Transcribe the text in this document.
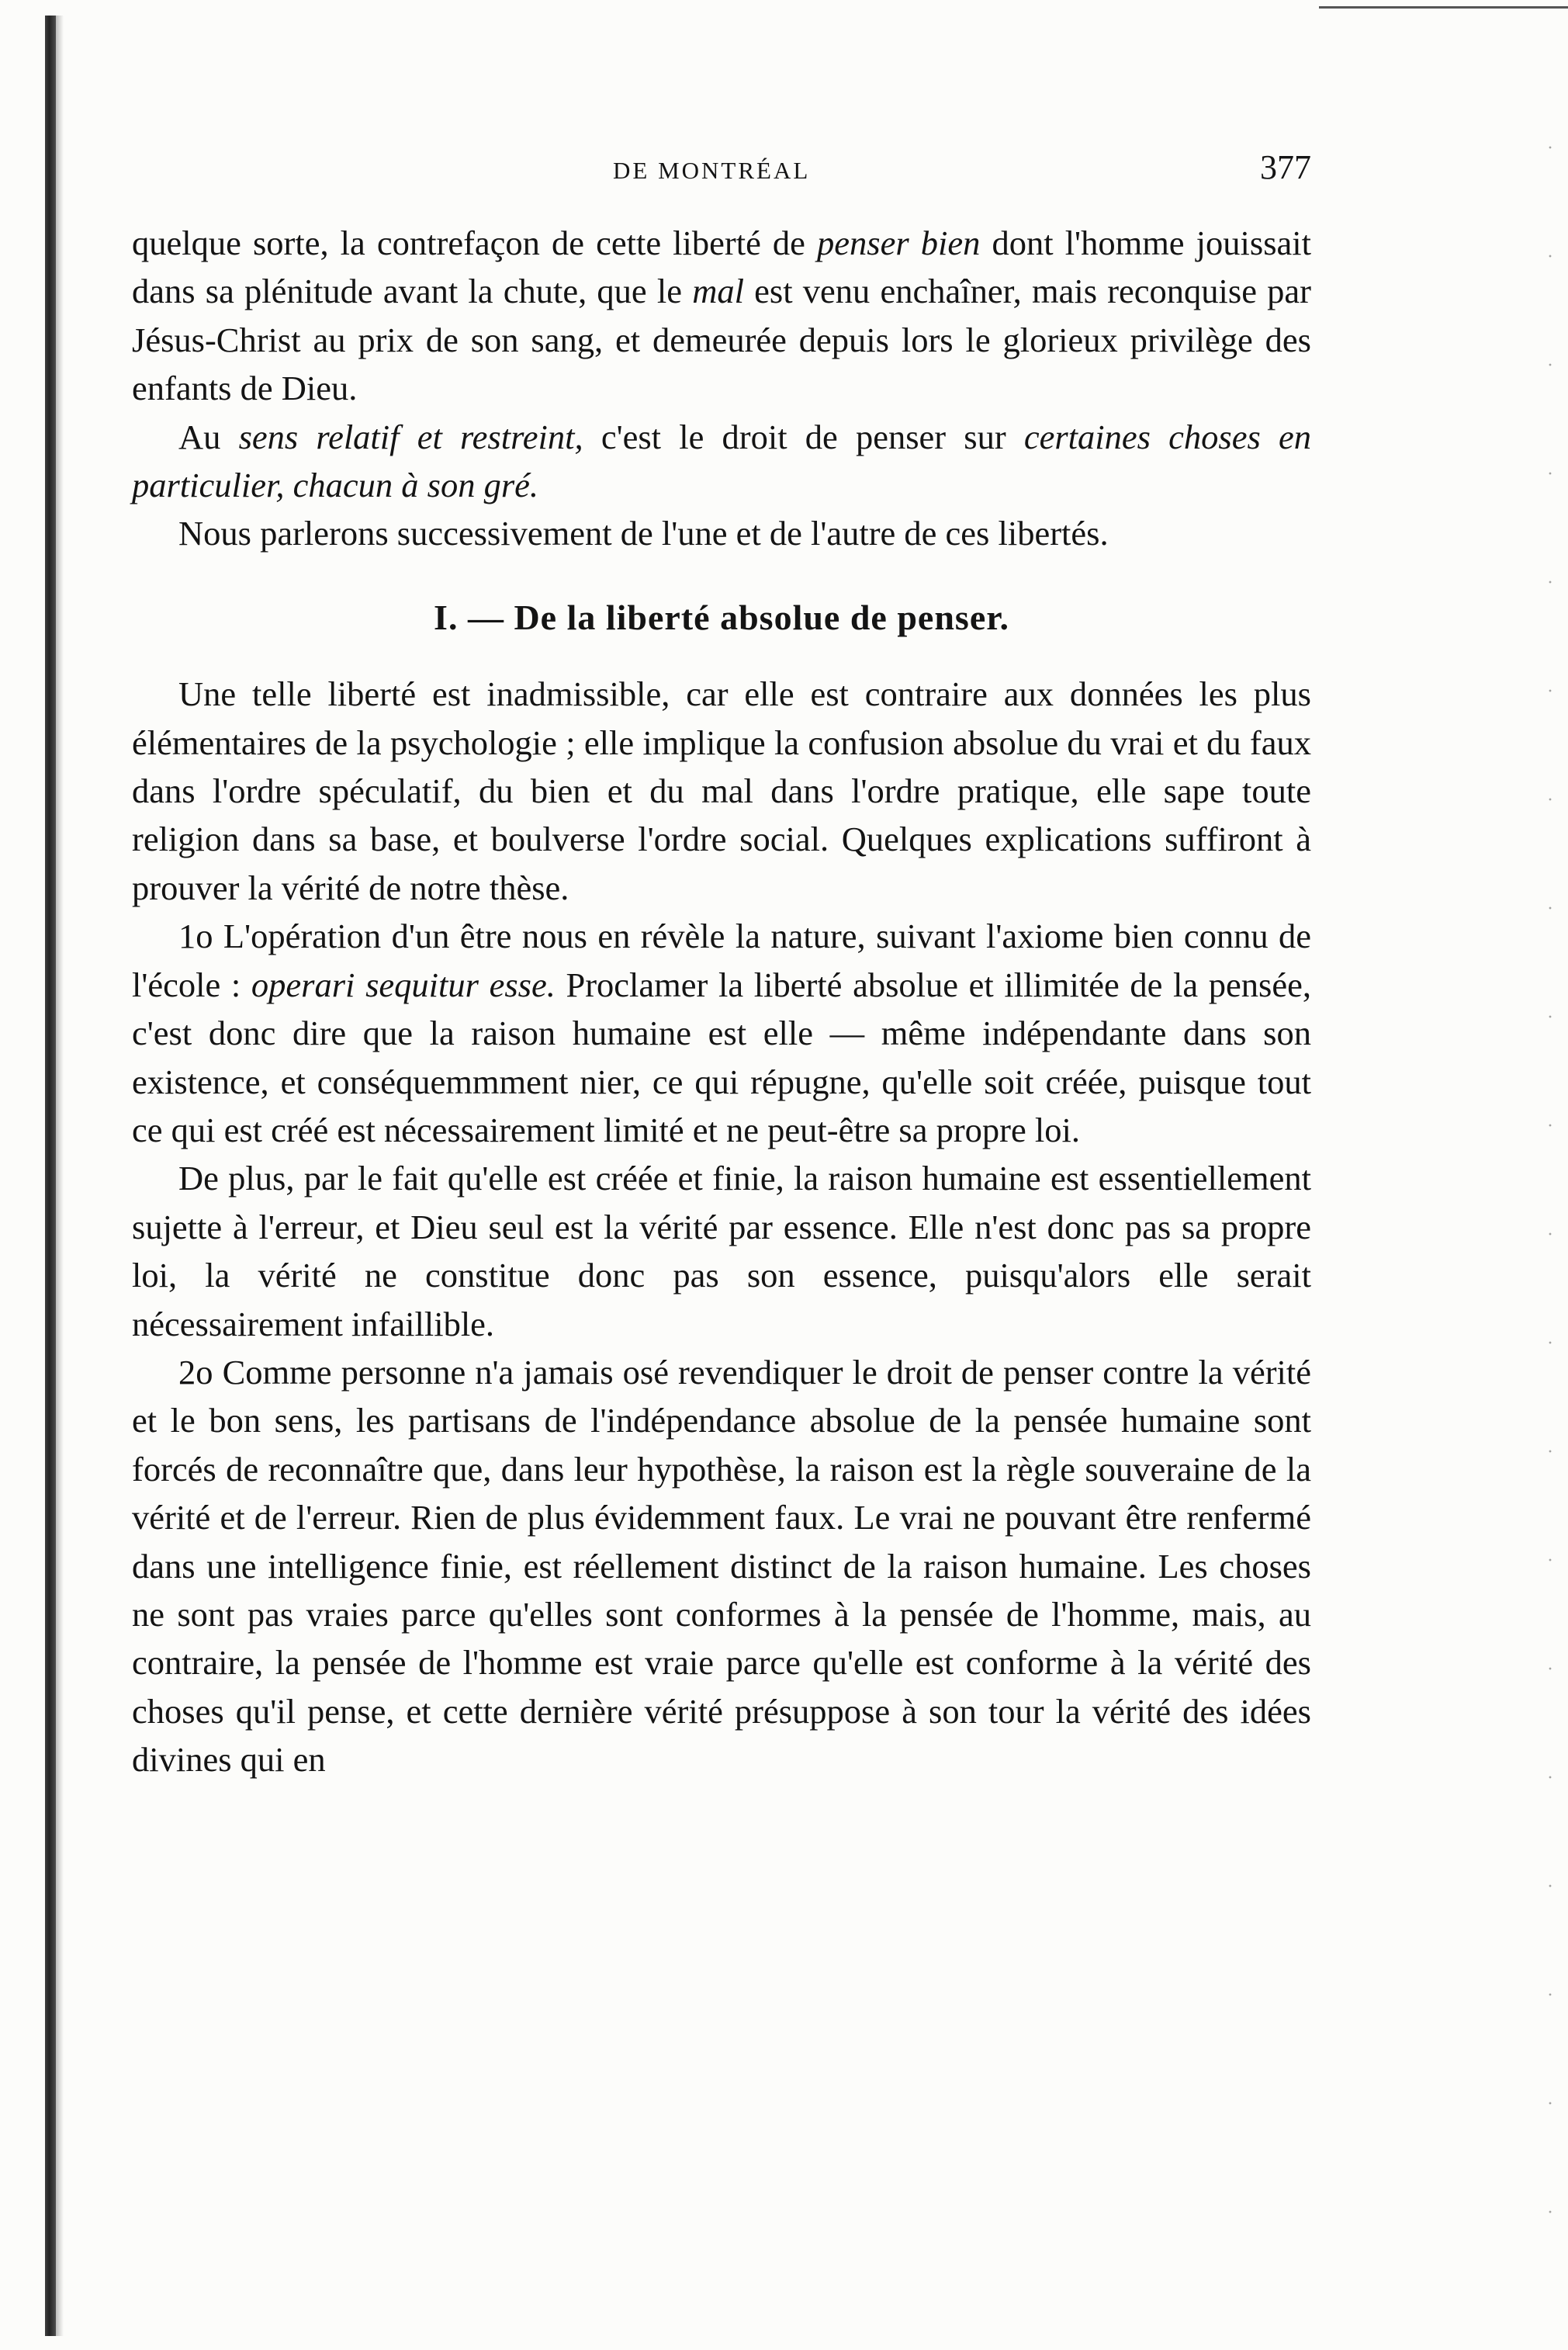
DE MONTRÉAL	377

quelque sorte, la contrefaçon de cette liberté de penser bien dont l'homme jouissait dans sa plénitude avant la chute, que le mal est venu enchaîner, mais reconquise par Jésus-Christ au prix de son sang, et demeurée depuis lors le glorieux privilège des enfants de Dieu.

Au sens relatif et restreint, c'est le droit de penser sur certaines choses en particulier, chacun à son gré.

Nous parlerons successivement de l'une et de l'autre de ces libertés.

I. — De la liberté absolue de penser.

Une telle liberté est inadmissible, car elle est contraire aux données les plus élémentaires de la psychologie ; elle implique la confusion absolue du vrai et du faux dans l'ordre spéculatif, du bien et du mal dans l'ordre pratique, elle sape toute religion dans sa base, et boulverse l'ordre social. Quelques explications suffiront à prouver la vérité de notre thèse.

1o L'opération d'un être nous en révèle la nature, suivant l'axiome bien connu de l'école : operari sequitur esse. Proclamer la liberté absolue et illimitée de la pensée, c'est donc dire que la raison humaine est elle — même indépendante dans son existence, et conséquemmment nier, ce qui répugne, qu'elle soit créée, puisque tout ce qui est créé est nécessairement limité et ne peut-être sa propre loi.

De plus, par le fait qu'elle est créée et finie, la raison humaine est essentiellement sujette à l'erreur, et Dieu seul est la vérité par essence. Elle n'est donc pas sa propre loi, la vérité ne constitue donc pas son essence, puisqu'alors elle serait nécessairement infaillible.

2o Comme personne n'a jamais osé revendiquer le droit de penser contre la vérité et le bon sens, les partisans de l'indépendance absolue de la pensée humaine sont forcés de reconnaître que, dans leur hypothèse, la raison est la règle souveraine de la vérité et de l'erreur. Rien de plus évidemment faux. Le vrai ne pouvant être renfermé dans une intelligence finie, est réellement distinct de la raison humaine. Les choses ne sont pas vraies parce qu'elles sont conformes à la pensée de l'homme, mais, au contraire, la pensée de l'homme est vraie parce qu'elle est conforme à la vérité des choses qu'il pense, et cette dernière vérité présuppose à son tour la vérité des idées divines qui en
